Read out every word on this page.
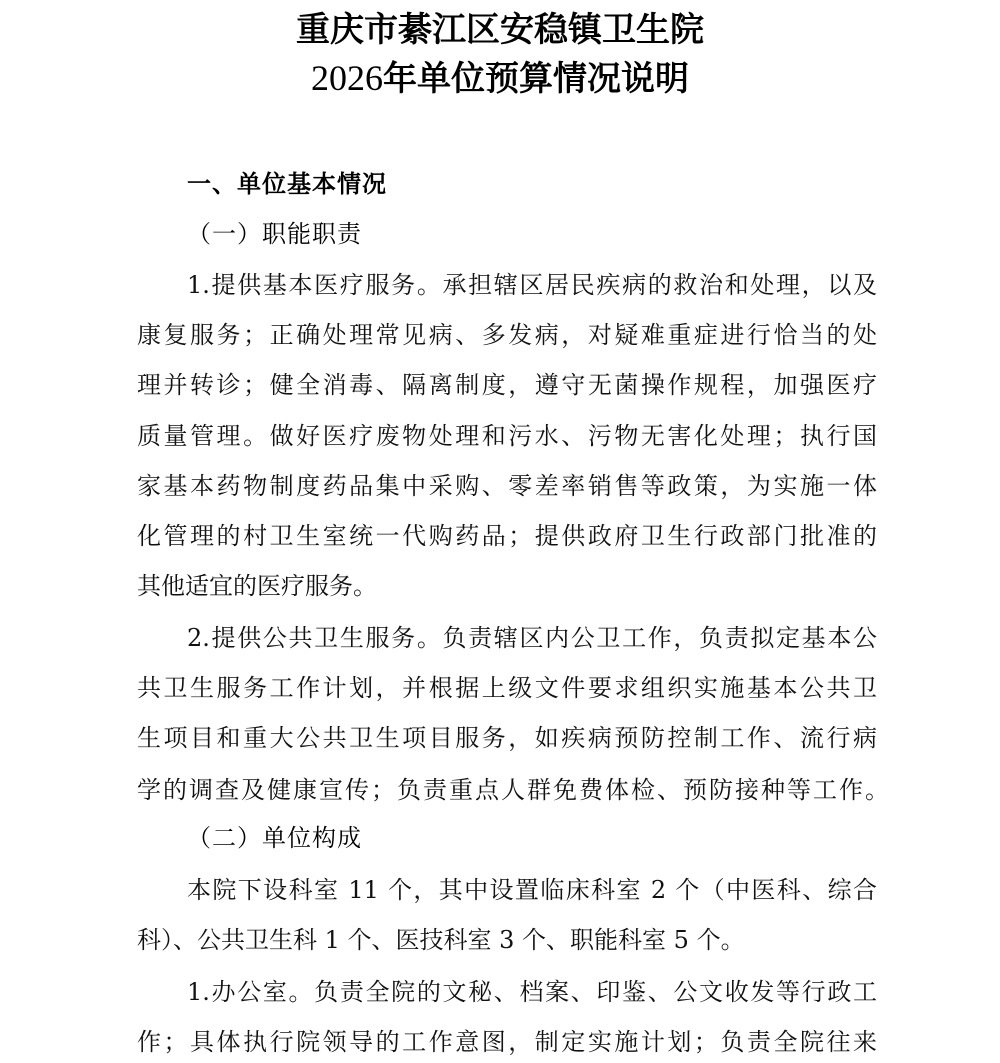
重庆市綦江区安稳镇卫生院
2026年单位预算情况说明
一、单位基本情况
（一）职能职责
1.提供基本医疗服务。承担辖区居民疾病的救治和处理，以及
康复服务；正确处理常见病、多发病，对疑难重症进行恰当的处
理并转诊；健全消毒、隔离制度，遵守无菌操作规程，加强医疗
质量管理。做好医疗废物处理和污水、污物无害化处理；执行国
家基本药物制度药品集中采购、零差率销售等政策，为实施一体
化管理的村卫生室统一代购药品；提供政府卫生行政部门批准的
其他适宜的医疗服务。
2.提供公共卫生服务。负责辖区内公卫工作，负责拟定基本公
共卫生服务工作计划，并根据上级文件要求组织实施基本公共卫
生项目和重大公共卫生项目服务，如疾病预防控制工作、流行病
学的调查及健康宣传；负责重点人群免费体检、预防接种等工作。
（二）单位构成
本院下设科室 11 个，其中设置临床科室 2 个（中医科、综合
科）、公共卫生科 1 个、医技科室 3 个、职能科室 5 个。
1.办公室。负责全院的文秘、档案、印鉴、公文收发等行政工
作；具体执行院领导的工作意图，制定实施计划；负责全院往来
